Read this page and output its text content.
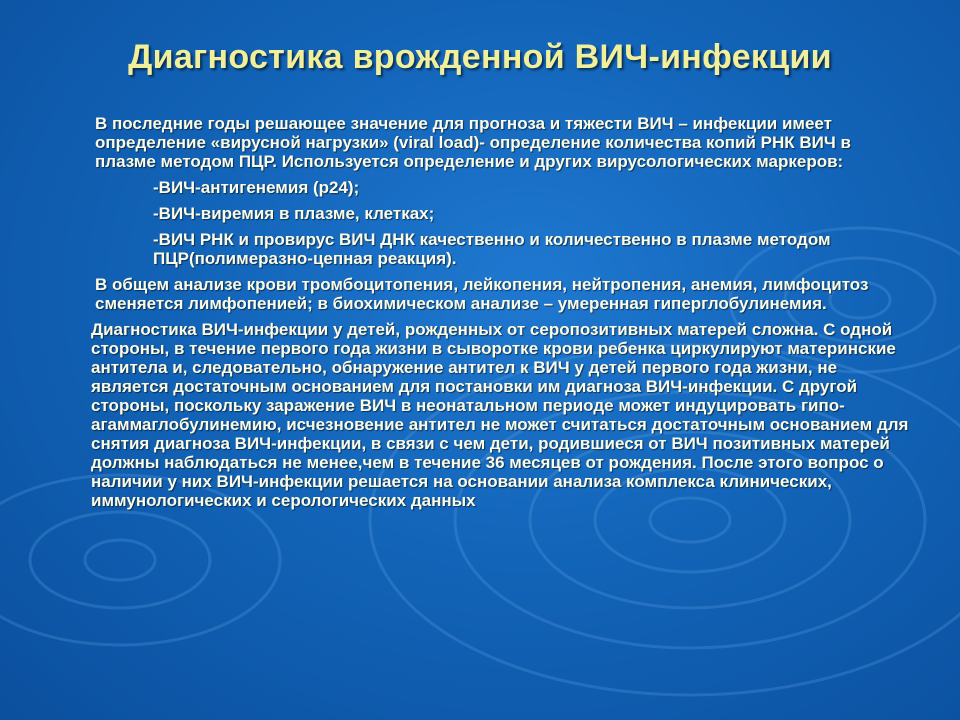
Диагностика врожденной ВИЧ-инфекции

В последние годы решающее значение для прогноза и тяжести ВИЧ – инфекции имеет определение «вирусной нагрузки» (viral load)- определение количества копий РНК ВИЧ в плазме методом ПЦР. Используется определение и других вирусологических маркеров:

-ВИЧ-антигенемия (р24);

-ВИЧ-виремия в плазме, клетках;

-ВИЧ РНК и провирус ВИЧ ДНК качественно и количественно в плазме методом ПЦР(полимеразно-цепная реакция).

В общем анализе крови тромбоцитопения, лейкопения, нейтропения, анемия, лимфоцитоз сменяется лимфопенией; в биохимическом анализе – умеренная гиперглобулинемия.

Диагностика ВИЧ-инфекции у детей, рожденных от серопозитивных матерей сложна. С одной стороны, в течение первого года жизни в сыворотке крови ребенка циркулируют материнские антитела и, следовательно, обнаружение антител к ВИЧ у детей первого года жизни, не является достаточным основанием для постановки им диагноза ВИЧ-инфекции. С другой стороны, поскольку заражение ВИЧ в неонатальном периоде может индуцировать гипо-агаммаглобулинемию, исчезновение антител не может считаться достаточным основанием для снятия диагноза ВИЧ-инфекции, в связи с чем дети, родившиеся от ВИЧ позитивных матерей должны наблюдаться не менее,чем в течение 36 месяцев от рождения. После этого вопрос о наличии у них ВИЧ-инфекции решается на основании анализа комплекса клинических, иммунологических и серологических данных
